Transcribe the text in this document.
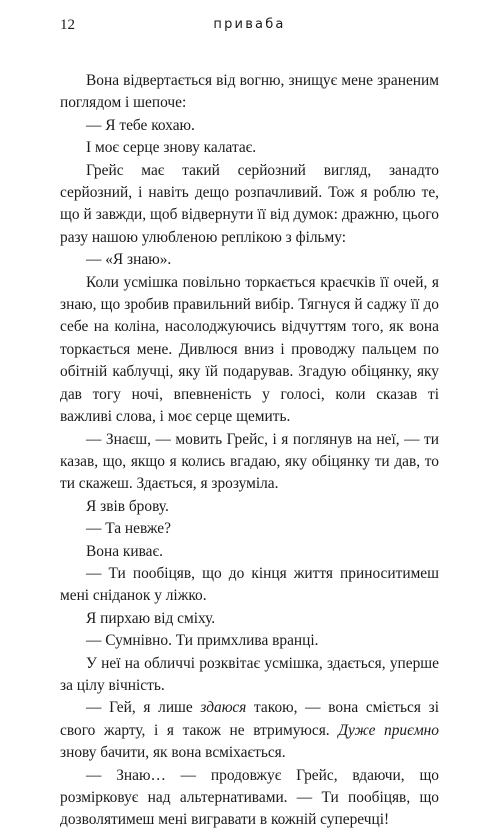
12	приваба

Вона відвертається від вогню, знищує мене зраненим поглядом і шепоче:

— Я тебе кохаю.

І моє серце знову калатає.

Грейс має такий серйозний вигляд, занадто серйозний, і навіть дещо розпачливий. Тож я роблю те, що й завжди, щоб відвернути її від думок: дражню, цього разу нашою улюбленою реплікою з фільму:

— «Я знаю».

Коли усмішка повільно торкається краєчків її очей, я знаю, що зробив правильний вибір. Тягнуся й саджу її до себе на коліна, насолоджуючись відчуттям того, як вона торкається мене. Дивлюся вниз і проводжу пальцем по обітній каблучці, яку їй подарував. Згадую обіцянку, яку дав тогу ночі, впевненість у голосі, коли сказав ті важливі слова, і моє серце щемить.

— Знаєш, — мовить Грейс, і я поглянув на неї, — ти казав, що, якщо я колись вгадаю, яку обіцянку ти дав, то ти скажеш. Здається, я зрозуміла.

Я звів брову.

— Та невже?

Вона киває.

— Ти пообіцяв, що до кінця життя приноситимеш мені сніданок у ліжко.

Я пирхаю від сміху.

— Сумнівно. Ти примхлива вранці.

У неї на обличчі розквітає усмішка, здається, уперше за цілу вічність.

— Гей, я лише здаюся такою, — вона сміється зі свого жарту, і я також не втримуюся. Дуже приємно знову бачити, як вона всміхається.

— Знаю… — продовжує Грейс, вдаючи, що розмірковує над альтернативами. — Ти пообіцяв, що дозволятимеш мені вигравати в кожній суперечці!
